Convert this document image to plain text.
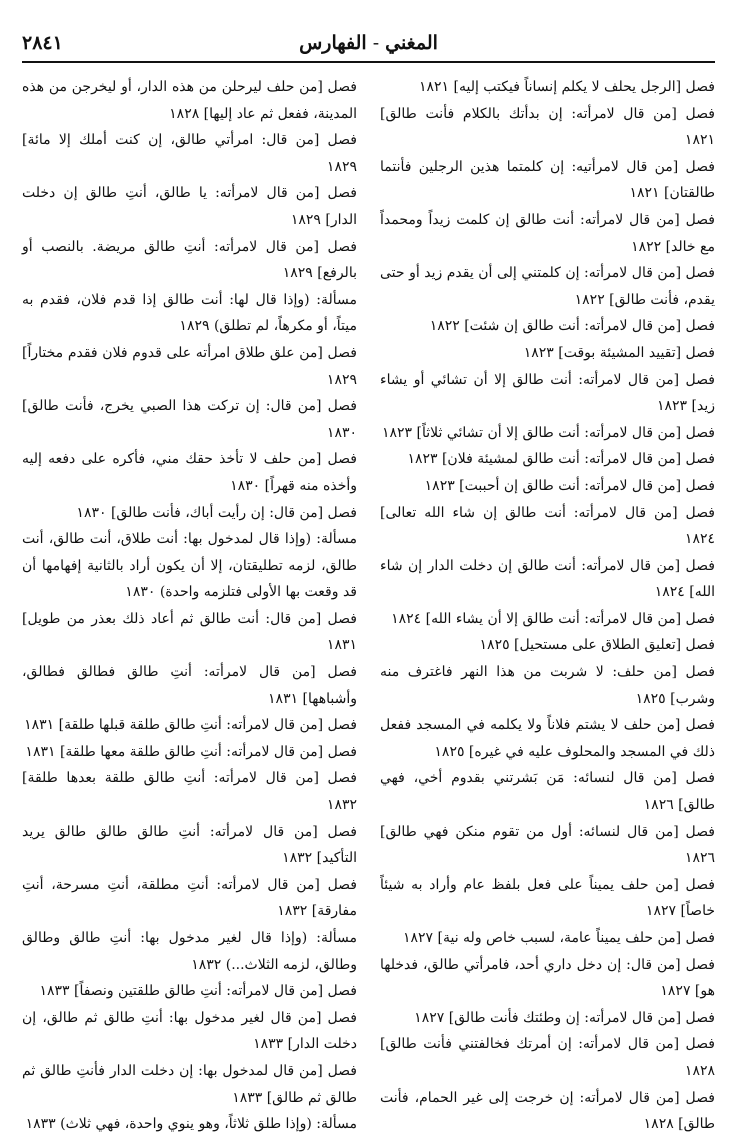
المغني-الفهارس
٢٨٤١

فصل [الرجل يحلف لا يكلم إنساناً فيكتب إليه] ١٨٢١

فصل [من قال لامرأته: إن بدأتك بالكلام فأنت طالق] ١٨٢١

فصل [من قال لامرأتيه: إن كلمتما هذين الرجلين فأنتما طالقتان] ١٨٢١

فصل [من قال لامرأته: أنت طالق إن كلمت زيداً ومحمداً مع خالد] ١٨٢٢

فصل [من قال لامرأته: إن كلمتني إلى أن يقدم زيد أو حتى يقدم، فأنت طالق] ١٨٢٢

فصل [من قال لامرأته: أنت طالق إن شئت] ١٨٢٢

فصل [تقييد المشيئة بوقت] ١٨٢٣

فصل [من قال لامرأته: أنت طالق إلا أن تشائي أو يشاء زيد] ١٨٢٣

فصل [من قال لامرأته: أنت طالق إلا أن تشائي ثلاثاً] ١٨٢٣

فصل [من قال لامرأته: أنت طالق لمشيئة فلان] ١٨٢٣

فصل [من قال لامرأته: أنت طالق إن أحببت] ١٨٢٣

فصل [من قال لامرأته: أنت طالق إن شاء الله تعالى] ١٨٢٤

فصل [من قال لامرأته: أنت طالق إن دخلت الدار إن شاء الله] ١٨٢٤

فصل [من قال لامرأته: أنت طالق إلا أن يشاء الله] ١٨٢٤

فصل [تعليق الطلاق على مستحيل] ١٨٢٥

فصل [من حلف: لا شربت من هذا النهر فاغترف منه وشرب] ١٨٢٥

فصل [من حلف لا يشتم فلاناً ولا يكلمه في المسجد ففعل ذلك في المسجد والمحلوف عليه في غيره] ١٨٢٥

فصل [من قال لنسائه: مَن بَشرتني بقدوم أخي، فهي طالق] ١٨٢٦

فصل [من قال لنسائه: أول من تقوم منكن فهي طالق] ١٨٢٦

فصل [من حلف يميناً على فعل بلفظ عام وأراد به شيئاً خاصاً] ١٨٢٧

فصل [من حلف يميناً عامة، لسبب خاص وله نية] ١٨٢٧

فصل [من قال: إن دخل داري أحد، فامرأتي طالق، فدخلها هو] ١٨٢٧

فصل [من قال لامرأته: إن وطئتك فأنت طالق] ١٨٢٧

فصل [من قال لامرأته: إن أمرتك فخالفتني فأنت طالق] ١٨٢٨

فصل [من قال لامرأته: إن خرجت إلى غير الحمام، فأنت طالق] ١٨٢٨

فصل [من حلف ليرحلن من هذه الدار، أو ليخرجن من هذه المدينة، ففعل ثم عاد إليها] ١٨٢٨

فصل [من قال: امرأتي طالق، إن كنت أملك إلا مائة] ١٨٢٩

فصل [من قال لامرأته: يا طالق، أنتِ طالق إن دخلت الدار] ١٨٢٩

فصل [من قال لامرأته: أنتِ طالق مريضة. بالنصب أو بالرفع] ١٨٢٩

مسألة: (وإذا قال لها: أنت طالق إذا قدم فلان، فقدم به ميتاً، أو مكرهاً، لم تطلق) ١٨٢٩

فصل [من علق طلاق امرأته على قدوم فلان فقدم مختاراً] ١٨٢٩

فصل [من قال: إن تركت هذا الصبي يخرج، فأنت طالق] ١٨٣٠

فصل [من حلف لا تأخذ حقك مني، فأكره على دفعه إليه وأخذه منه قهراً] ١٨٣٠

فصل [من قال: إن رأيت أباك، فأنت طالق] ١٨٣٠

مسألة: (وإذا قال لمدخول بها: أنت طلاق، أنت طالق، أنت طالق، لزمه تطليقتان، إلا أن يكون أراد بالثانية إفهامها أن قد وقعت بها الأولى فتلزمه واحدة) ١٨٣٠

فصل [من قال: أنت طالق ثم أعاد ذلك بعذر من طويل] ١٨٣١

فصل [من قال لامرأته: أنتِ طالق فطالق فطالق، وأشباهها] ١٨٣١

فصل [من قال لامرأته: أنتِ طالق طلقة قبلها طلقة] ١٨٣١

فصل [من قال لامرأته: أنتِ طالق طلقة معها طلقة] ١٨٣١

فصل [من قال لامرأته: أنتِ طالق طلقة بعدها طلقة] ١٨٣٢

فصل [من قال لامرأته: أنتِ طالق طالق طالق يريد التأكيد] ١٨٣٢

فصل [من قال لامرأته: أنتِ مطلقة، أنتِ مسرحة، أنتِ مفارقة] ١٨٣٢

مسألة: (وإذا قال لغير مدخول بها: أنتِ طالق وطالق وطالق، لزمه الثلاث...) ١٨٣٢

فصل [من قال لامرأته: أنتِ طالق طلقتين ونصفاً] ١٨٣٣

فصل [من قال لغير مدخول بها: أنتِ طالق ثم طالق، إن دخلت الدار] ١٨٣٣

فصل [من قال لمدخول بها: إن دخلت الدار فأنتِ طالق ثم طالق ثم طالق] ١٨٣٣

مسألة: (وإذا طلق ثلاثاً، وهو ينوي واحدة، فهي ثلاث) ١٨٣٣
